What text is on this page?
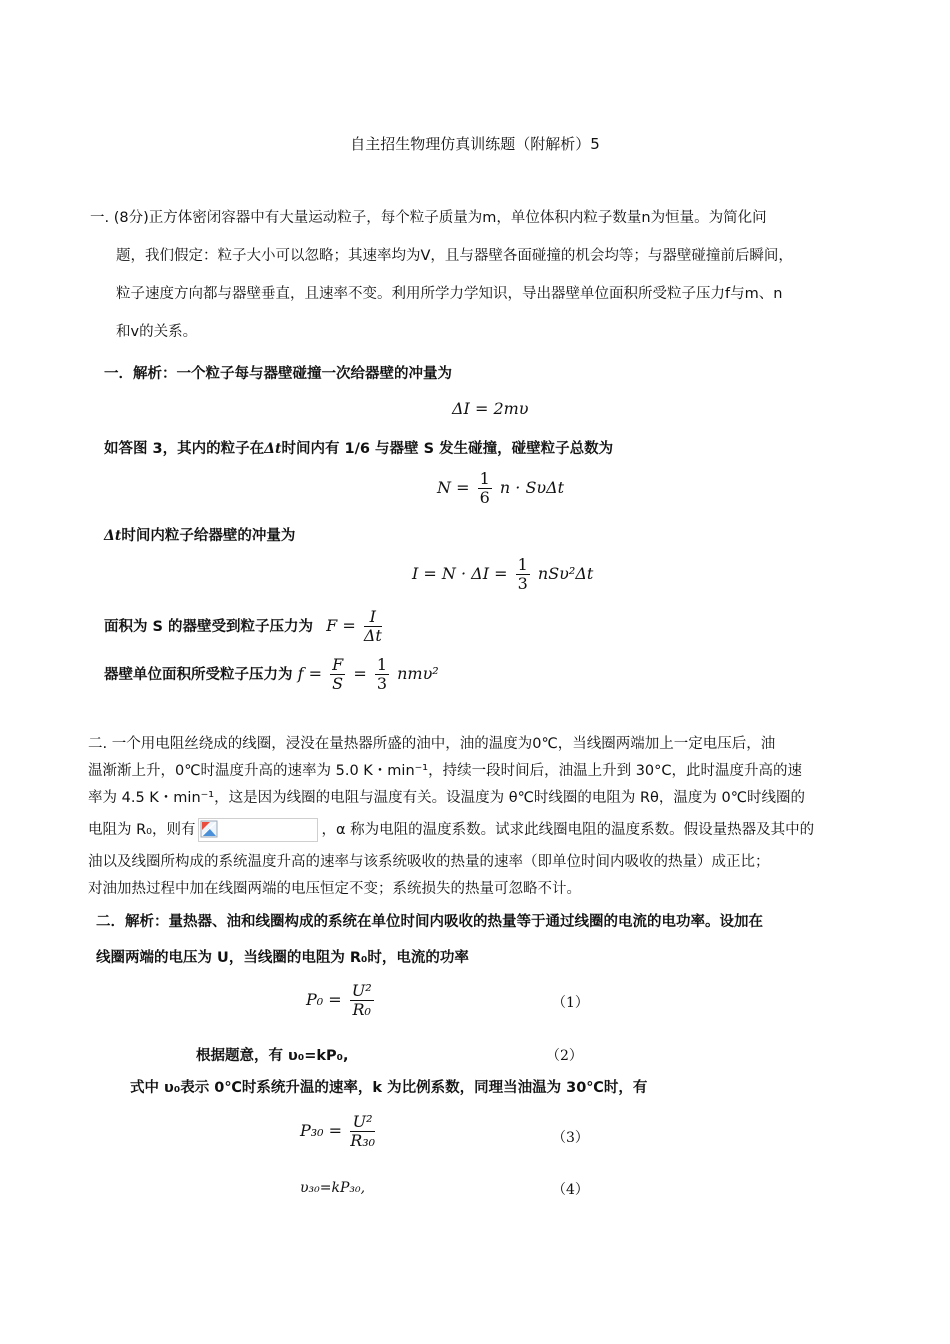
自主招生物理仿真训练题（附解析）5
一. (8分)正方体密闭容器中有大量运动粒子，每个粒子质量为m，单位体积内粒子数量n为恒量。为简化问
题，我们假定：粒子大小可以忽略；其速率均为V，且与器壁各面碰撞的机会均等；与器壁碰撞前后瞬间，
粒子速度方向都与器壁垂直，且速率不变。利用所学力学知识，导出器壁单位面积所受粒子压力f与m、n
和v的关系。
一．解析：一个粒子每与器壁碰撞一次给器壁的冲量为
ΔI = 2mυ
如答图 3，其内的粒子在Δt时间内有 1/6 与器壁 S 发生碰撞，碰壁粒子总数为
$N = \frac{1}{6}$ n · SυΔt
Δt时间内粒子给器壁的冲量为
$I = N \cdot \Delta I = \frac{1}{3} nS\upsilon^2\Delta t$
面积为 S 的器壁受到粒子压力为 $F = \frac{I}{\Delta t}$
器壁单位面积所受粒子压力为 $f = \frac{F}{S} = \frac{1}{3} nm\upsilon^2$
二. 一个用电阻丝绕成的线圈，浸没在量热器所盛的油中，油的温度为0℃，当线圈两端加上一定电压后，油
温渐渐上升，0℃时温度升高的速率为 5.0 K・min⁻¹，持续一段时间后，油温上升到 30°C，此时温度升高的速
率为 4.5 K・min⁻¹，这是因为线圈的电阻与温度有关。设温度为 θ℃时线圈的电阻为 Rθ，温度为 0℃时线圈的
电阻为 R₀，则有	，α 称为电阻的温度系数。试求此线圈电阻的温度系数。假设量热器及其中的
油以及线圈所构成的系统温度升高的速率与该系统吸收的热量的速率（即单位时间内吸收的热量）成正比；
对油加热过程中加在线圈两端的电压恒定不变；系统损失的热量可忽略不计。
二．解析：量热器、油和线圈构成的系统在单位时间内吸收的热量等于通过线圈的电流的电功率。设加在
线圈两端的电压为 U，当线圈的电阻为 R₀时，电流的功率
$P_0 = \frac{\text{U²}}{\text{R₀}}$	（1）
根据题意，有 υ₀=kP₀,	（2）
式中 υ₀表示 0℃时系统升温的速率，k 为比例系数，同理当油温为 30℃时，有
$P_{30} = \frac{\text{U²}}{\text{R₃₀}}$	（3）
υ₃₀=kP₃₀,	（4）
